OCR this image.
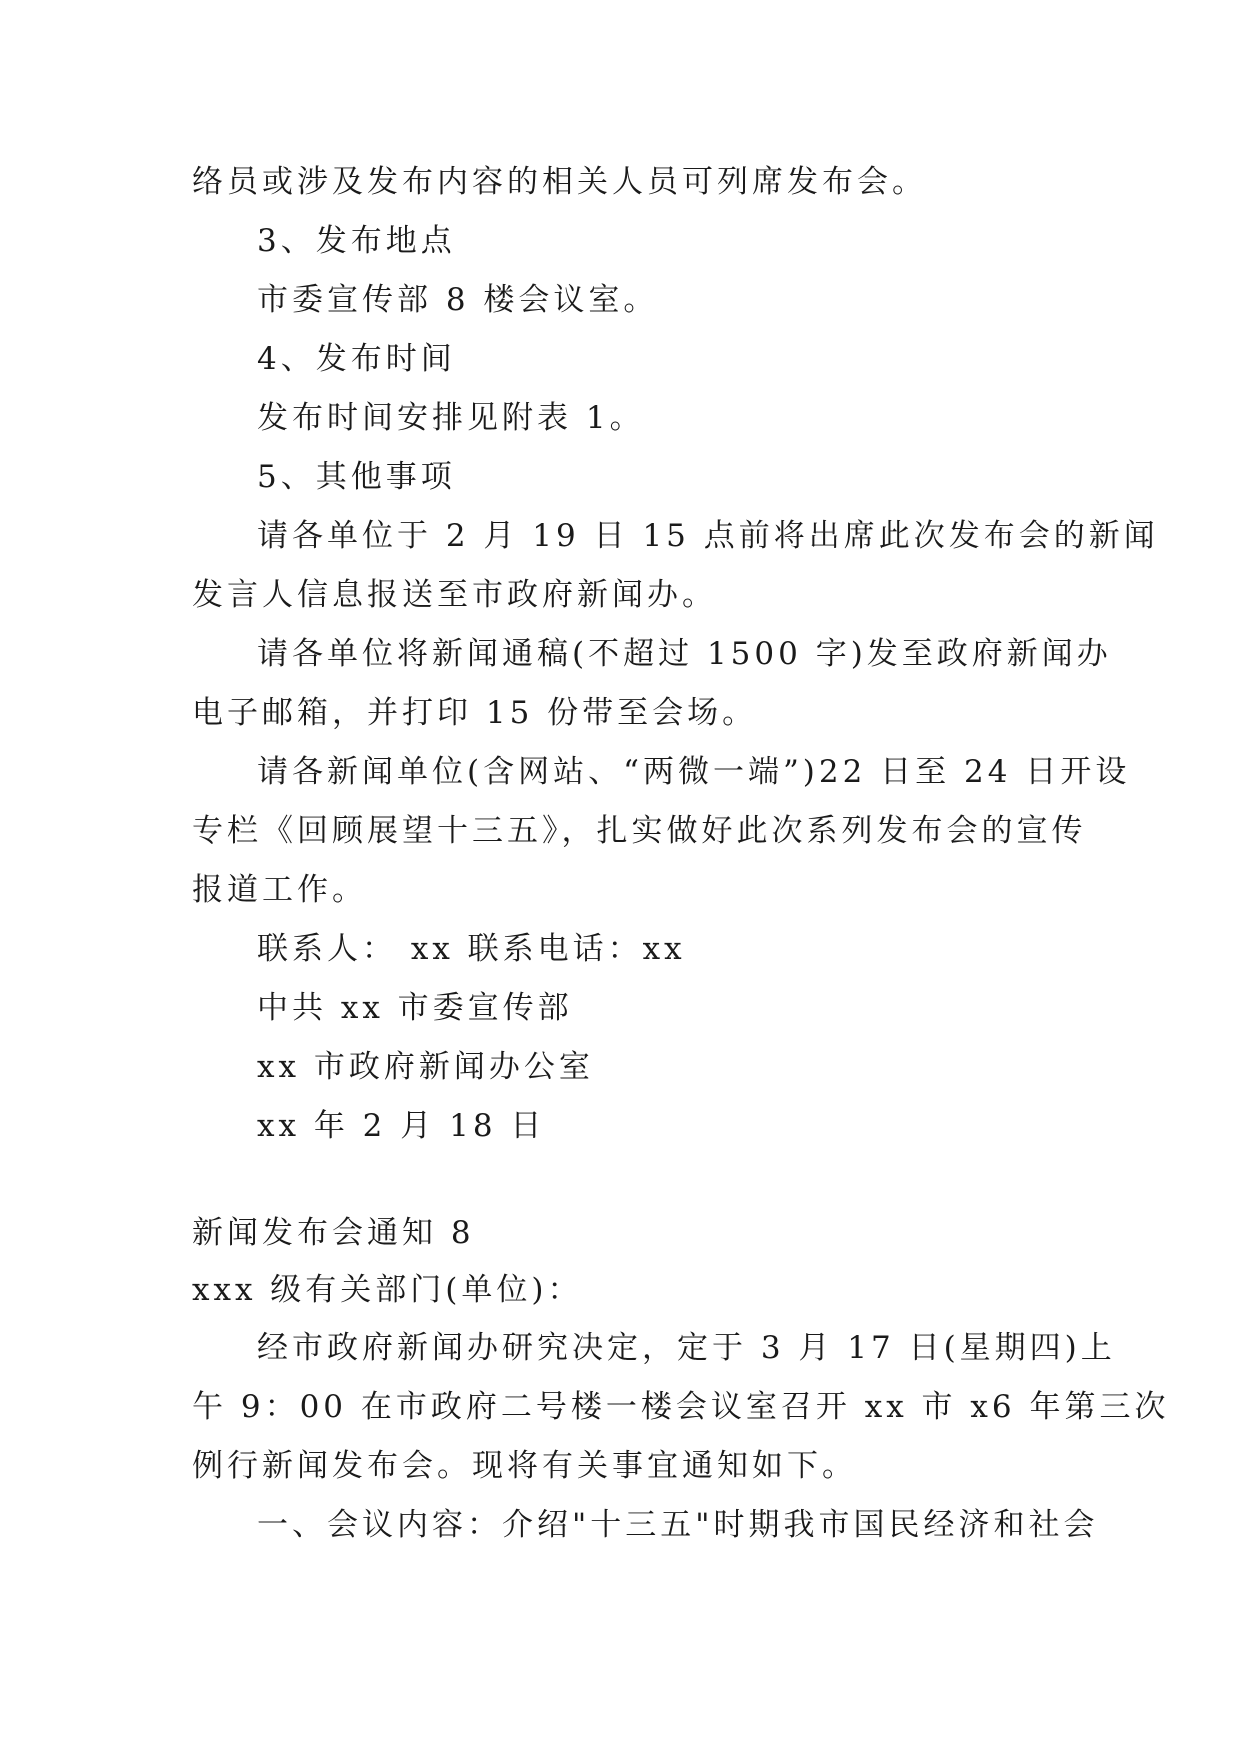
络员或涉及发布内容的相关人员可列席发布会。
3、发布地点
市委宣传部 8 楼会议室。
4、发布时间
发布时间安排见附表 1。
5、其他事项
请各单位于 2 月 19 日 15 点前将出席此次发布会的新闻
发言人信息报送至市政府新闻办。
请各单位将新闻通稿(不超过 1500 字)发至政府新闻办
电子邮箱，并打印 15 份带至会场。
请各新闻单位(含网站、“两微一端”)22 日至 24 日开设
专栏《回顾展望十三五》，扎实做好此次系列发布会的宣传
报道工作。
联系人： xx 联系电话：xx
中共 xx 市委宣传部
xx 市政府新闻办公室
xx 年 2 月 18 日
新闻发布会通知 8
xxx 级有关部门(单位)：
经市政府新闻办研究决定，定于 3 月 17 日(星期四)上
午 9：00 在市政府二号楼一楼会议室召开 xx 市 x6 年第三次
例行新闻发布会。现将有关事宜通知如下。
一、会议内容：介绍"十三五"时期我市国民经济和社会
